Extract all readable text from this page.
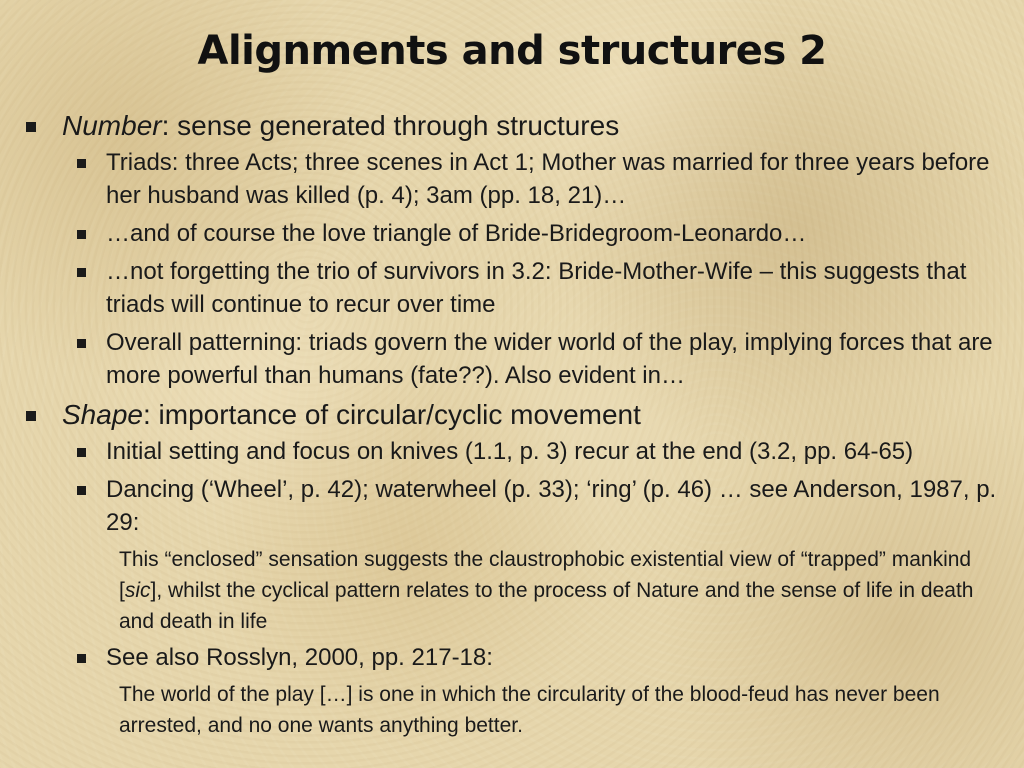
Alignments and structures 2
Number: sense generated through structures
Triads: three Acts; three scenes in Act 1; Mother was married for three years before her husband was killed (p. 4); 3am (pp. 18, 21)…
…and of course the love triangle of Bride-Bridegroom-Leonardo…
…not forgetting the trio of survivors in 3.2: Bride-Mother-Wife – this suggests that triads will continue to recur over time
Overall patterning: triads govern the wider world of the play, implying forces that are more powerful than humans (fate??). Also evident in…
Shape: importance of circular/cyclic movement
Initial setting and focus on knives (1.1, p. 3) recur at the end (3.2, pp. 64-65)
Dancing (‘Wheel’, p. 42); waterwheel (p. 33); ‘ring’ (p. 46) … see Anderson, 1987, p. 29:
This “enclosed” sensation suggests the claustrophobic existential view of “trapped” mankind [sic], whilst the cyclical pattern relates to the process of Nature and the sense of life in death and death in life
See also Rosslyn, 2000, pp. 217-18:
The world of the play […] is one in which the circularity of the blood-feud has never been arrested, and no one wants anything better.
